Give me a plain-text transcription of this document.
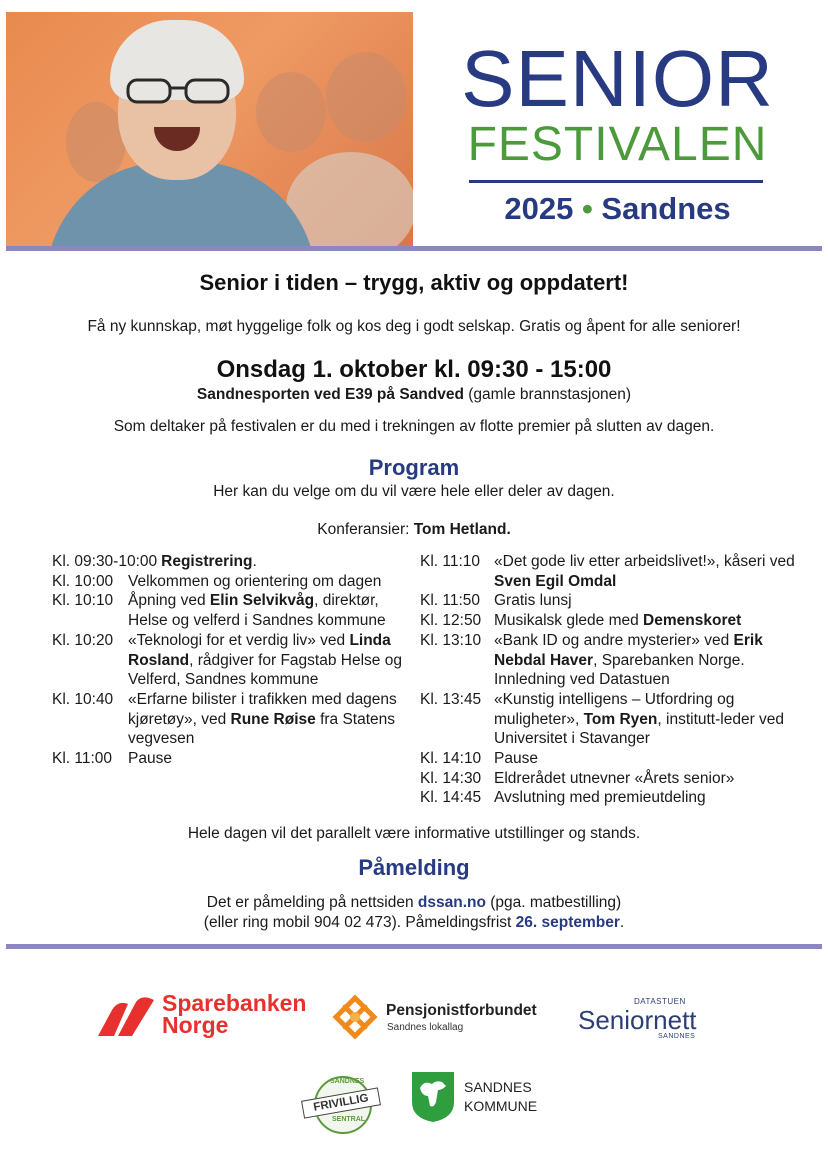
SENIOR
FESTIVALEN
2025 • Sandnes
Senior i tiden – trygg, aktiv og oppdatert!
Få ny kunnskap, møt hyggelige folk og kos deg i godt selskap. Gratis og åpent for alle seniorer!
Onsdag 1. oktober kl. 09:30 - 15:00
Sandnesporten ved E39 på Sandved (gamle brannstasjonen)
Som deltaker på festivalen er du med i trekningen av flotte premier på slutten av dagen.
Program
Her kan du velge om du vil være hele eller deler av dagen.
Konferansier: Tom Hetland.
Kl. 09:30-10:00 Registrering.
Kl. 10:00 Velkommen og orientering om dagen
Kl. 10:10 Åpning ved Elin Selvikvåg, direktør, Helse og velferd i Sandnes kommune
Kl. 10:20 «Teknologi for et verdig liv» ved Linda Rosland, rådgiver for Fagstab Helse og Velferd, Sandnes kommune
Kl. 10:40 «Erfarne bilister i trafikken med dagens kjøretøy», ved Rune Røise fra Statens vegvesen
Kl. 11:00	Pause
Kl. 11:10 «Det gode liv etter arbeidslivet!», kåseri ved Sven Egil Omdal
Kl. 11:50 Gratis lunsj
Kl. 12:50 Musikalsk glede med Demenskoret
Kl. 13:10 «Bank ID og andre mysterier» ved Erik Nebdal Haver, Sparebanken Norge. Innledning ved Datastuen
Kl. 13:45 «Kunstig intelligens – Utfordring og muligheter», Tom Ryen, institutt-leder ved Universitet i Stavanger
Kl. 14:10 Pause
Kl. 14:30 Eldrerådet utnevner «Årets senior»
Kl. 14:45 Avslutning med premieutdeling
Hele dagen vil det parallelt være informative utstillinger og stands.
Påmelding
Det er påmelding på nettsiden dssan.no (pga. matbestilling)
(eller ring mobil 904 02 473). Påmeldingsfrist 26. september.
Sparebanken
Norge
Pensjonistforbundet
Sandnes lokallag
DATASTUEN
Seniornett
SANDNES
SANDNES
FRIVILLIG
SENTRAL
SANDNES
KOMMUNE
